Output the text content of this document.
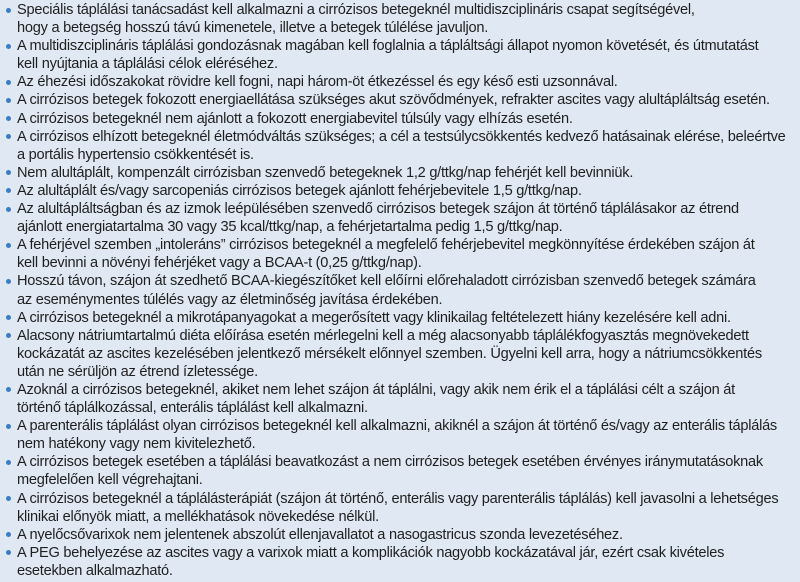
Speciális táplálási tanácsadást kell alkalmazni a cirrózisos betegeknél multidiszciplináris csapat segítségével,
hogy a betegség hosszú távú kimenetele, illetve a betegek túlélése javuljon.
A multidiszciplináris táplálási gondozásnak magában kell foglalnia a tápláltsági állapot nyomon követését, és útmutatást
kell nyújtania a táplálási célok eléréséhez.
Az éhezési időszakokat rövidre kell fogni, napi három-öt étkezéssel és egy késő esti uzsonnával.
A cirrózisos betegek fokozott energiaellátása szükséges akut szövődmények, refrakter ascites vagy alultápláltság esetén.
A cirrózisos betegeknél nem ajánlott a fokozott energiabevitel túlsúly vagy elhízás esetén.
A cirrózisos elhízott betegeknél életmódváltás szükséges; a cél a testsúlycsökkentés kedvező hatásainak elérése, beleértve
a portális hypertensio csökkentését is.
Nem alultáplált, kompenzált cirrózisban szenvedő betegeknek 1,2 g/ttkg/nap fehérjét kell bevinniük.
Az alultáplált és/vagy sarcopeniás cirrózisos betegek ajánlott fehérjebevitele 1,5 g/ttkg/nap.
Az alultápláltságban és az izmok leépülésében szenvedő cirrózisos betegek szájon át történő táplálásakor az étrend
ajánlott energiatartalma 30 vagy 35 kcal/ttkg/nap, a fehérjetartalma pedig 1,5 g/ttkg/nap.
A fehérjével szemben „intoleráns” cirrózisos betegeknél a megfelelő fehérjebevitel megkönnyítése érdekében szájon át
kell bevinni a növényi fehérjéket vagy a BCAA-t (0,25 g/ttkg/nap).
Hosszú távon, szájon át szedhető BCAA-kiegészítőket kell előírni előrehaladott cirrózisban szenvedő betegek számára
az eseménymentes túlélés vagy az életminőség javítása érdekében.
A cirrózisos betegeknél a mikrotápanyagokat a megerősített vagy klinikailag feltételezett hiány kezelésére kell adni.
Alacsony nátriumtartalmú diéta előírása esetén mérlegelni kell a még alacsonyabb táplálékfogyasztás megnövekedett
kockázatát az ascites kezelésében jelentkező mérsékelt előnnyel szemben. Ügyelni kell arra, hogy a nátriumcsökkentés
után ne sérüljön az étrend ízletessége.
Azoknál a cirrózisos betegeknél, akiket nem lehet szájon át táplálni, vagy akik nem érik el a táplálási célt a szájon át
történő táplálkozással, enterális táplálást kell alkalmazni.
A parenterális táplálást olyan cirrózisos betegeknél kell alkalmazni, akiknél a szájon át történő és/vagy az enterális táplálás
nem hatékony vagy nem kivitelezhető.
A cirrózisos betegek esetében a táplálási beavatkozást a nem cirrózisos betegek esetében érvényes iránymutatásoknak
megfelelően kell végrehajtani.
A cirrózisos betegeknél a táplálásterápiát (szájon át történő, enterális vagy parenterális táplálás) kell javasolni a lehetséges
klinikai előnyök miatt, a mellékhatások növekedése nélkül.
A nyelőcsővarixok nem jelentenek abszolút ellenjavallatot a nasogastricus szonda levezetéséhez.
A PEG behelyezése az ascites vagy a varixok miatt a komplikációk nagyobb kockázatával jár, ezért csak kivételes
esetekben alkalmazható.
